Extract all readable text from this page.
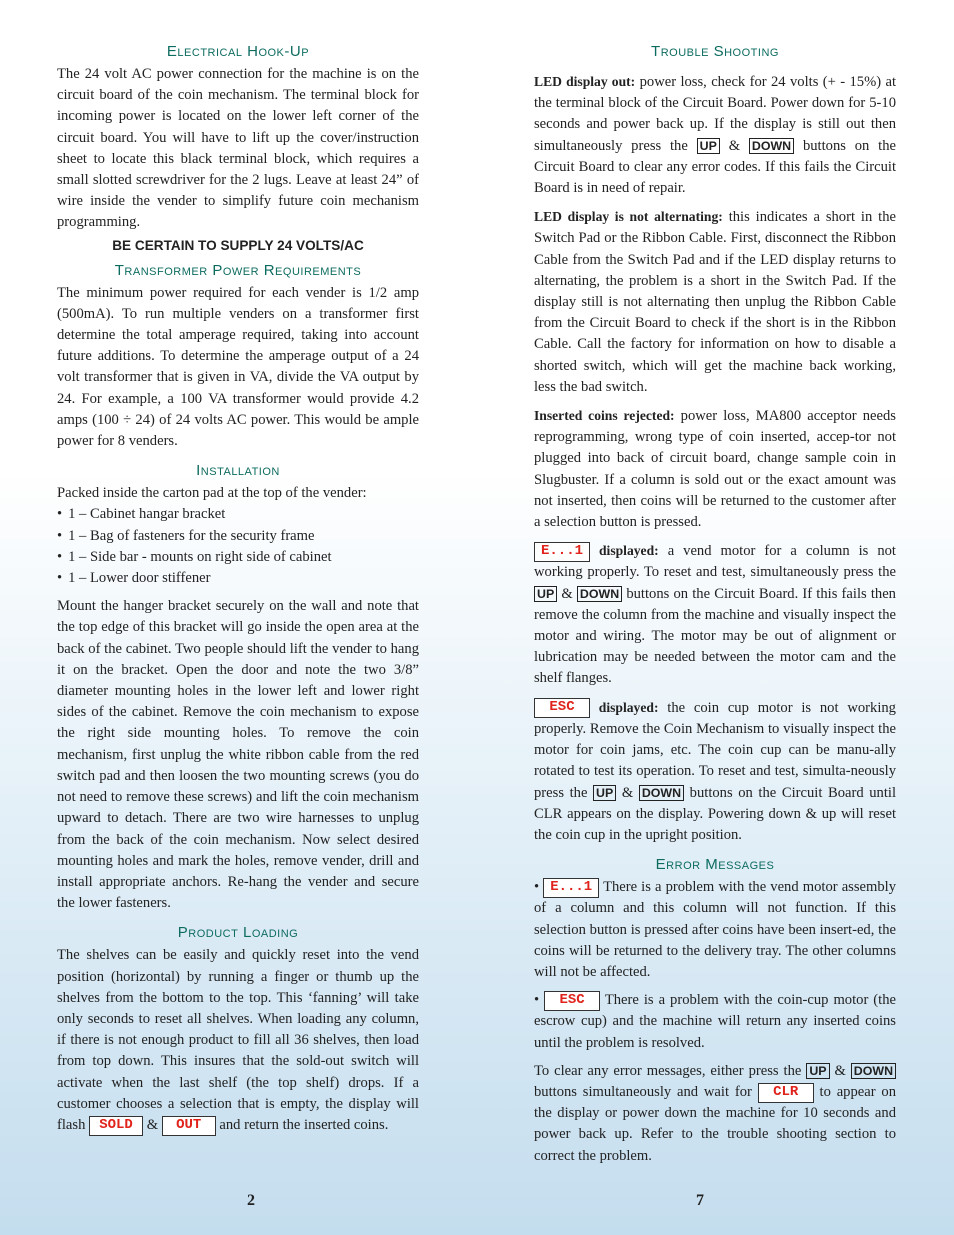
Electrical Hook-Up

The 24 volt AC power connection for the machine is on the circuit board of the coin mechanism. The terminal block for incoming power is located on the lower left corner of the circuit board. You will have to lift up the cover/instruction sheet to locate this black terminal block, which requires a small slotted screwdriver for the 2 lugs. Leave at least 24” of wire inside the vender to simplify future coin mechanism programming.

BE CERTAIN TO SUPPLY 24 VOLTS/AC
Transformer Power Requirements

The minimum power required for each vender is 1/2 amp (500mA). To run multiple venders on a transformer first determine the total amperage required, taking into account future additions. To determine the amperage output of a 24 volt transformer that is given in VA, divide the VA output by 24. For example, a 100 VA transformer would provide 4.2 amps (100 ÷ 24) of 24 volts AC power. This would be ample power for 8 venders.

Installation

Packed inside the carton pad at the top of the vender:

• 1 – Cabinet hangar bracket
• 1 – Bag of fasteners for the security frame
• 1 – Side bar - mounts on right side of cabinet
• 1 – Lower door stiffener

Mount the hanger bracket securely on the wall and note that the top edge of this bracket will go inside the open area at the back of the cabinet. Two people should lift the vender to hang it on the bracket. Open the door and note the two 3/8” diameter mounting holes in the lower left and lower right sides of the cabinet. Remove the coin mechanism to expose the right side mounting holes. To remove the coin mechanism, first unplug the white ribbon cable from the red switch pad and then loosen the two mounting screws (you do not need to remove these screws) and lift the coin mechanism upward to detach. There are two wire harnesses to unplug from the back of the coin mechanism. Now select desired mounting holes and mark the holes, remove vender, drill and install appropriate anchors. Re-hang the vender and secure the lower fasteners.

Product Loading

The shelves can be easily and quickly reset into the vend position (horizontal) by running a finger or thumb up the shelves from the bottom to the top. This ‘fanning’ will take only seconds to reset all shelves. When loading any column, if there is not enough product to fill all 36 shelves, then load from top down. This insures that the sold-out switch will activate when the last shelf (the top shelf) drops. If a customer chooses a selection that is empty, the display will flash SOLD & OUT and return the inserted coins.

Trouble Shooting

LED display out: power loss, check for 24 volts (+ - 15%) at the terminal block of the Circuit Board. Power down for 5-10 seconds and power back up. If the display is still out then simultaneously press the UP & DOWN buttons on the Circuit Board to clear any error codes. If this fails the Circuit Board is in need of repair.

LED display is not alternating: this indicates a short in the Switch Pad or the Ribbon Cable. First, disconnect the Ribbon Cable from the Switch Pad and if the LED display returns to alternating, the problem is a short in the Switch Pad. If the display still is not alternating then unplug the Ribbon Cable from the Circuit Board to check if the short is in the Ribbon Cable. Call the factory for information on how to disable a shorted switch, which will get the machine back working, less the bad switch.

Inserted coins rejected: power loss, MA800 acceptor needs reprogramming, wrong type of coin inserted, accep-tor not plugged into back of circuit board, change sample coin in Slugbuster. If a column is sold out or the exact amount was not inserted, then coins will be returned to the customer after a selection button is pressed.

E...1 displayed: a vend motor for a column is not working properly. To reset and test, simultaneously press the UP & DOWN buttons on the Circuit Board. If this fails then remove the column from the machine and visually inspect the motor and wiring. The motor may be out of alignment or lubrication may be needed between the motor cam and the shelf flanges.

ESC displayed: the coin cup motor is not working properly. Remove the Coin Mechanism to visually inspect the motor for coin jams, etc. The coin cup can be manu-ally rotated to test its operation. To reset and test, simulta-neously press the UP & DOWN buttons on the Circuit Board until CLR appears on the display. Powering down & up will reset the coin cup in the upright position.

Error Messages

• E...1 There is a problem with the vend motor assembly of a column and this column will not function. If this selection button is pressed after coins have been insert-ed, the coins will be returned to the delivery tray. The other columns will not be affected.

• ESC There is a problem with the coin-cup motor (the escrow cup) and the machine will return any inserted coins until the problem is resolved.

To clear any error messages, either press the UP & DOWN buttons simultaneously and wait for CLR to appear on the display or power down the machine for 10 seconds and power back up. Refer to the trouble shooting section to correct the problem.

2	7
